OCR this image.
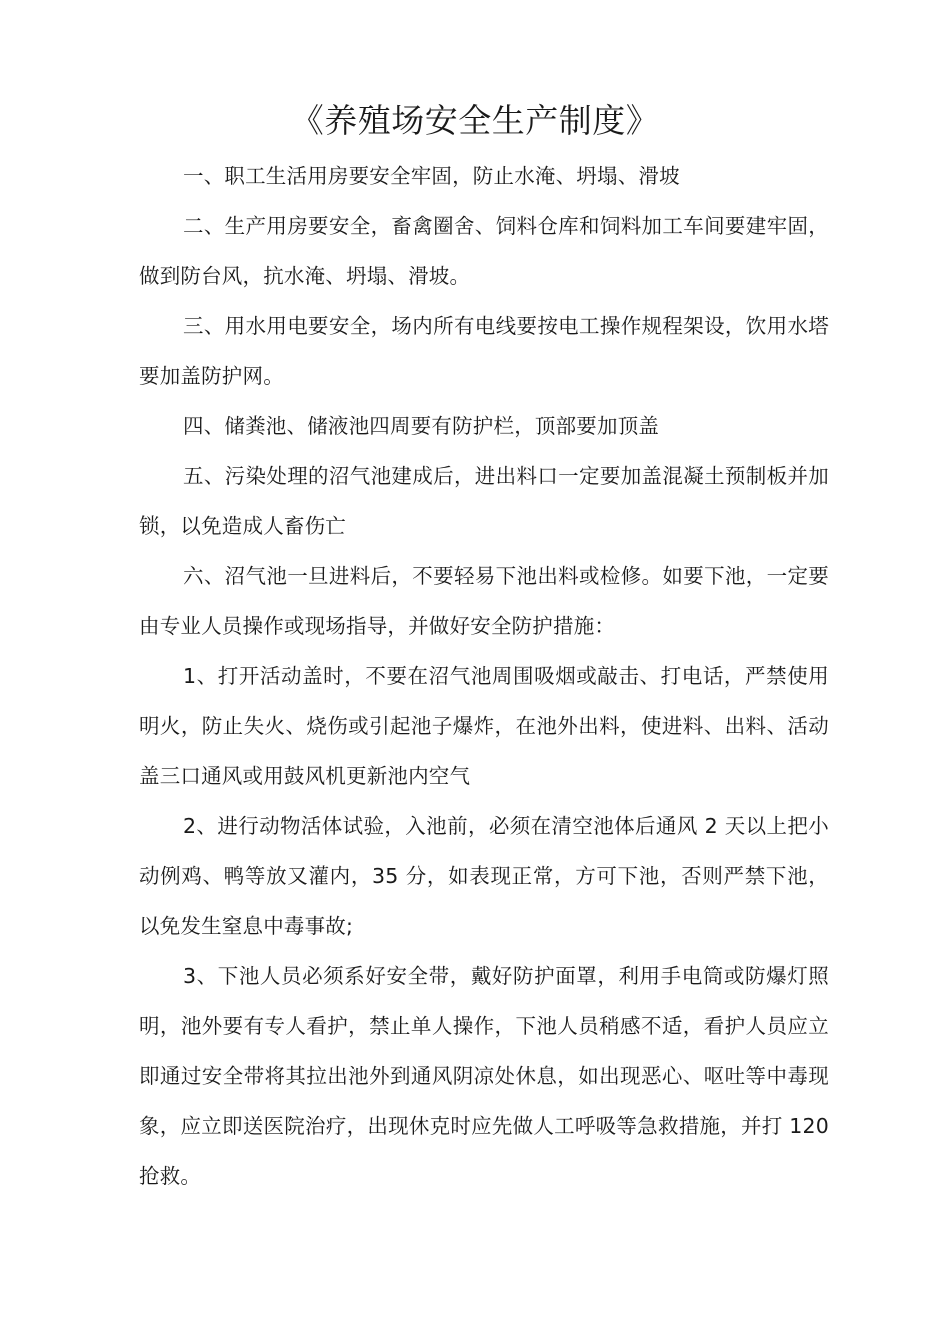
《养殖场安全生产制度》

一、职工生活用房要安全牢固，防止水淹、坍塌、滑坡

二、生产用房要安全，畜禽圈舍、饲料仓库和饲料加工车间要建牢固，做到防台风，抗水淹、坍塌、滑坡。

三、用水用电要安全，场内所有电线要按电工操作规程架设，饮用水塔要加盖防护网。

四、储粪池、储液池四周要有防护栏，顶部要加顶盖

五、污染处理的沼气池建成后，进出料口一定要加盖混凝土预制板并加锁，以免造成人畜伤亡

六、沼气池一旦进料后，不要轻易下池出料或检修。如要下池，一定要由专业人员操作或现场指导，并做好安全防护措施：

1、打开活动盖时，不要在沼气池周围吸烟或敲击、打电话，严禁使用明火，防止失火、烧伤或引起池子爆炸，在池外出料，使进料、出料、活动盖三口通风或用鼓风机更新池内空气

2、进行动物活体试验，入池前，必须在清空池体后通风 2 天以上把小动例鸡、鸭等放又灌内，35 分，如表现正常，方可下池，否则严禁下池，以免发生窒息中毒事故;

3、下池人员必须系好安全带，戴好防护面罩，利用手电筒或防爆灯照明，池外要有专人看护，禁止单人操作，下池人员稍感不适，看护人员应立即通过安全带将其拉出池外到通风阴凉处休息，如出现恶心、呕吐等中毒现象，应立即送医院治疗，出现休克时应先做人工呼吸等急救措施，并打 120 抢救。
